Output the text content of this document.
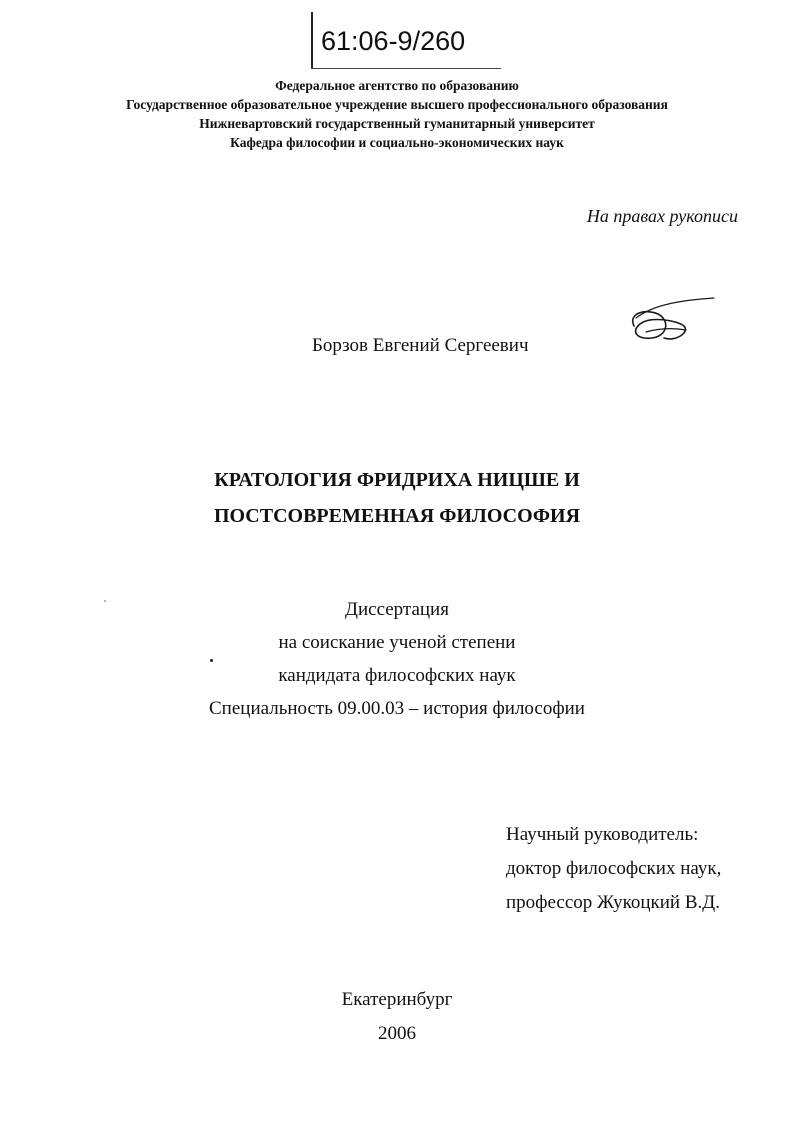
61:06-9/260
Федеральное агентство по образованию
Государственное образовательное учреждение высшего профессионального образования
Нижневартовский государственный гуманитарный университет
Кафедра философии и социально-экономических наук
На правах рукописи
Борзов Евгений Сергеевич
КРАТОЛОГИЯ ФРИДРИХА НИЦШЕ И
ПОСТСОВРЕМЕННАЯ ФИЛОСОФИЯ
Диссертация
на соискание ученой степени
кандидата философских наук
Специальность 09.00.03 – история философии
Научный руководитель:
доктор философских наук,
профессор Жукоцкий В.Д.
Екатеринбург
2006
